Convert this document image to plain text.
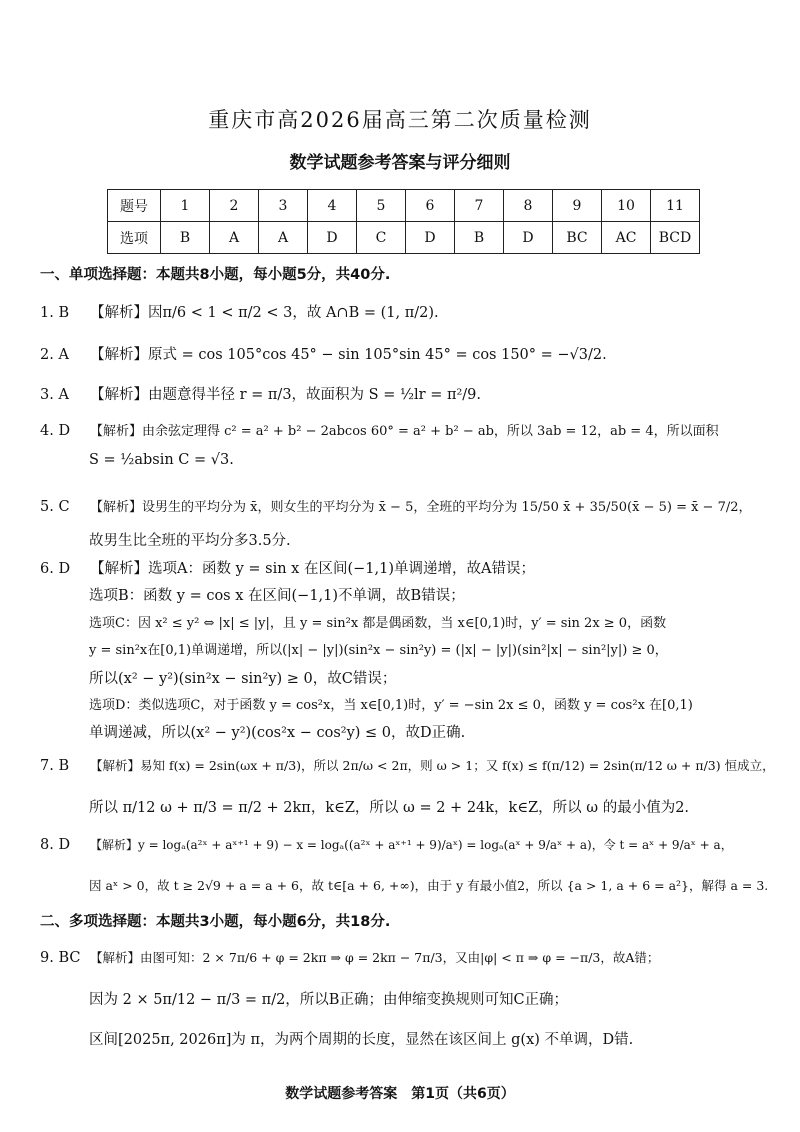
重庆市高2026届高三第二次质量检测
数学试题参考答案与评分细则
题号	1	2	3	4	5	6	7	8	9	10	11
选项	B	A	A	D	C	D	B	D	BC	AC	BCD
一、单项选择题：本题共8小题，每小题5分，共40分.
1. B 【解析】因π/6 < 1 < π/2 < 3，故 A∩B = (1, π/2).
2. A 【解析】原式 = cos 105°cos 45° − sin 105°sin 45° = cos 150° = −√3/2.
3. A 【解析】由题意得半径 r = π/3，故面积为 S = ½lr = π²/9.
4. D 【解析】由余弦定理得 c² = a² + b² − 2abcos 60° = a² + b² − ab，所以 3ab = 12，ab = 4，所以面积
S = ½absin C = √3.
5. C 【解析】设男生的平均分为 x̄，则女生的平均分为 x̄ − 5，全班的平均分为 15/50 x̄ + 35/50(x̄ − 5) = x̄ − 7/2，
故男生比全班的平均分多3.5分.
6. D 【解析】选项A：函数 y = sin x 在区间(−1,1)单调递增，故A错误；
选项B：函数 y = cos x 在区间(−1,1)不单调，故B错误；
选项C：因 x² ≤ y² ⇔ |x| ≤ |y|，且 y = sin²x 都是偶函数，当 x∈[0,1)时，y′ = sin 2x ≥ 0，函数
y = sin²x在[0,1)单调递增，所以(|x| − |y|)(sin²x − sin²y) = (|x| − |y|)(sin²|x| − sin²|y|) ≥ 0，
所以(x² − y²)(sin²x − sin²y) ≥ 0，故C错误；
选项D：类似选项C，对于函数 y = cos²x，当 x∈[0,1)时，y′ = −sin 2x ≤ 0，函数 y = cos²x 在[0,1)
单调递减，所以(x² − y²)(cos²x − cos²y) ≤ 0，故D正确.
7. B 【解析】易知 f(x) = 2sin(ωx + π/3)，所以 2π/ω < 2π，则 ω > 1；又 f(x) ≤ f(π/12) = 2sin(π/12 ω + π/3) 恒成立，
所以 π/12 ω + π/3 = π/2 + 2kπ，k∈Z，所以 ω = 2 + 24k，k∈Z，所以 ω 的最小值为2.
8. D 【解析】y = logₐ(a²ˣ + aˣ⁺¹ + 9) − x = logₐ((a²ˣ + aˣ⁺¹ + 9)/aˣ) = logₐ(aˣ + 9/aˣ + a)，令 t = aˣ + 9/aˣ + a，
因 aˣ > 0，故 t ≥ 2√9 + a = a + 6，故 t∈[a + 6, +∞)，由于 y 有最小值2，所以 {a > 1, a + 6 = a²}，解得 a = 3.
二、多项选择题：本题共3小题，每小题6分，共18分.
9. BC 【解析】由图可知：2 × 7π/6 + φ = 2kπ ⇒ φ = 2kπ − 7π/3，又由|φ| < π ⇒ φ = −π/3，故A错；
因为 2 × 5π/12 − π/3 = π/2，所以B正确；由伸缩变换规则可知C正确；
区间[2025π, 2026π]为 π，为两个周期的长度，显然在该区间上 g(x) 不单调，D错.
数学试题参考答案　第1页（共6页）
